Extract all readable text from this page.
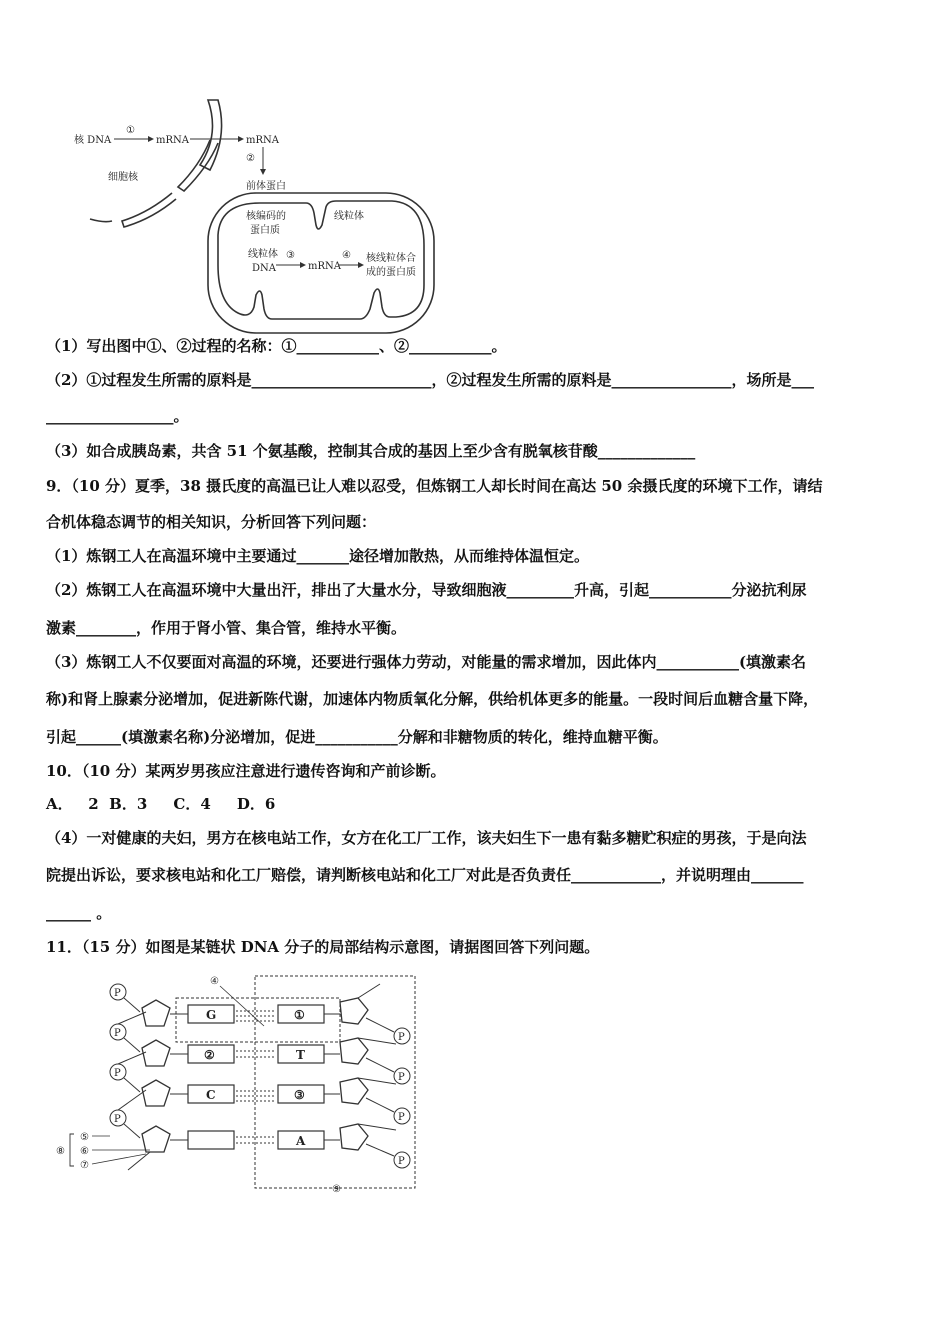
核 DNA
①
mRNA	mRNA
②
细胞核
前体蛋白
核编码的
蛋白质
线粒体
线粒体
DNA
③
mRNA
④ 核线粒体合
成的蛋白质
（1）写出图中①、②过程的名称：①___________、②___________。
（2）①过程发生所需的原料是________________________，②过程发生所需的原料是________________，场所是___
_________________。
（3）如合成胰岛素，共含 51 个氨基酸，控制其合成的基因上至少含有脱氧核苷酸_____________
9．（10 分）夏季，38 摄氏度的高温已让人难以忍受，但炼钢工人却长时间在高达 50 余摄氏度的环境下工作，请结
合机体稳态调节的相关知识，分析回答下列问题：
（1）炼钢工人在高温环境中主要通过_______途径增加散热，从而维持体温恒定。
（2）炼钢工人在高温环境中大量出汗，排出了大量水分，导致细胞液_________升高，引起___________分泌抗利尿
激素________，作用于肾小管、集合管，维持水平衡。
（3）炼钢工人不仅要面对高温的环境，还要进行强体力劳动，对能量的需求增加，因此体内___________(填激素名
称)和肾上腺素分泌增加，促进新陈代谢，加速体内物质氧化分解，供给机体更多的能量。一段时间后血糖含量下降，
引起______(填激素名称)分泌增加，促进___________分解和非糖物质的转化，维持血糖平衡。
10．（10 分）某两岁男孩应注意进行遗传咨询和产前诊断。
A．   2  B．3     C．4     D．6
（4）一对健康的夫妇，男方在核电站工作，女方在化工厂工作，该夫妇生下一患有黏多糖贮积症的男孩，于是向法
院提出诉讼，要求核电站和化工厂赔偿，请判断核电站和化工厂对此是否负责任____________，并说明理由_______
______ 。
11．（15 分）如图是某链状 DNA 分子的局部结构示意图，请据图回答下列问题。
④
P
G	①
P
P
②	T
P
P
C	③
P
P
A
P
⑤
⑥
⑦
⑧
⑨
